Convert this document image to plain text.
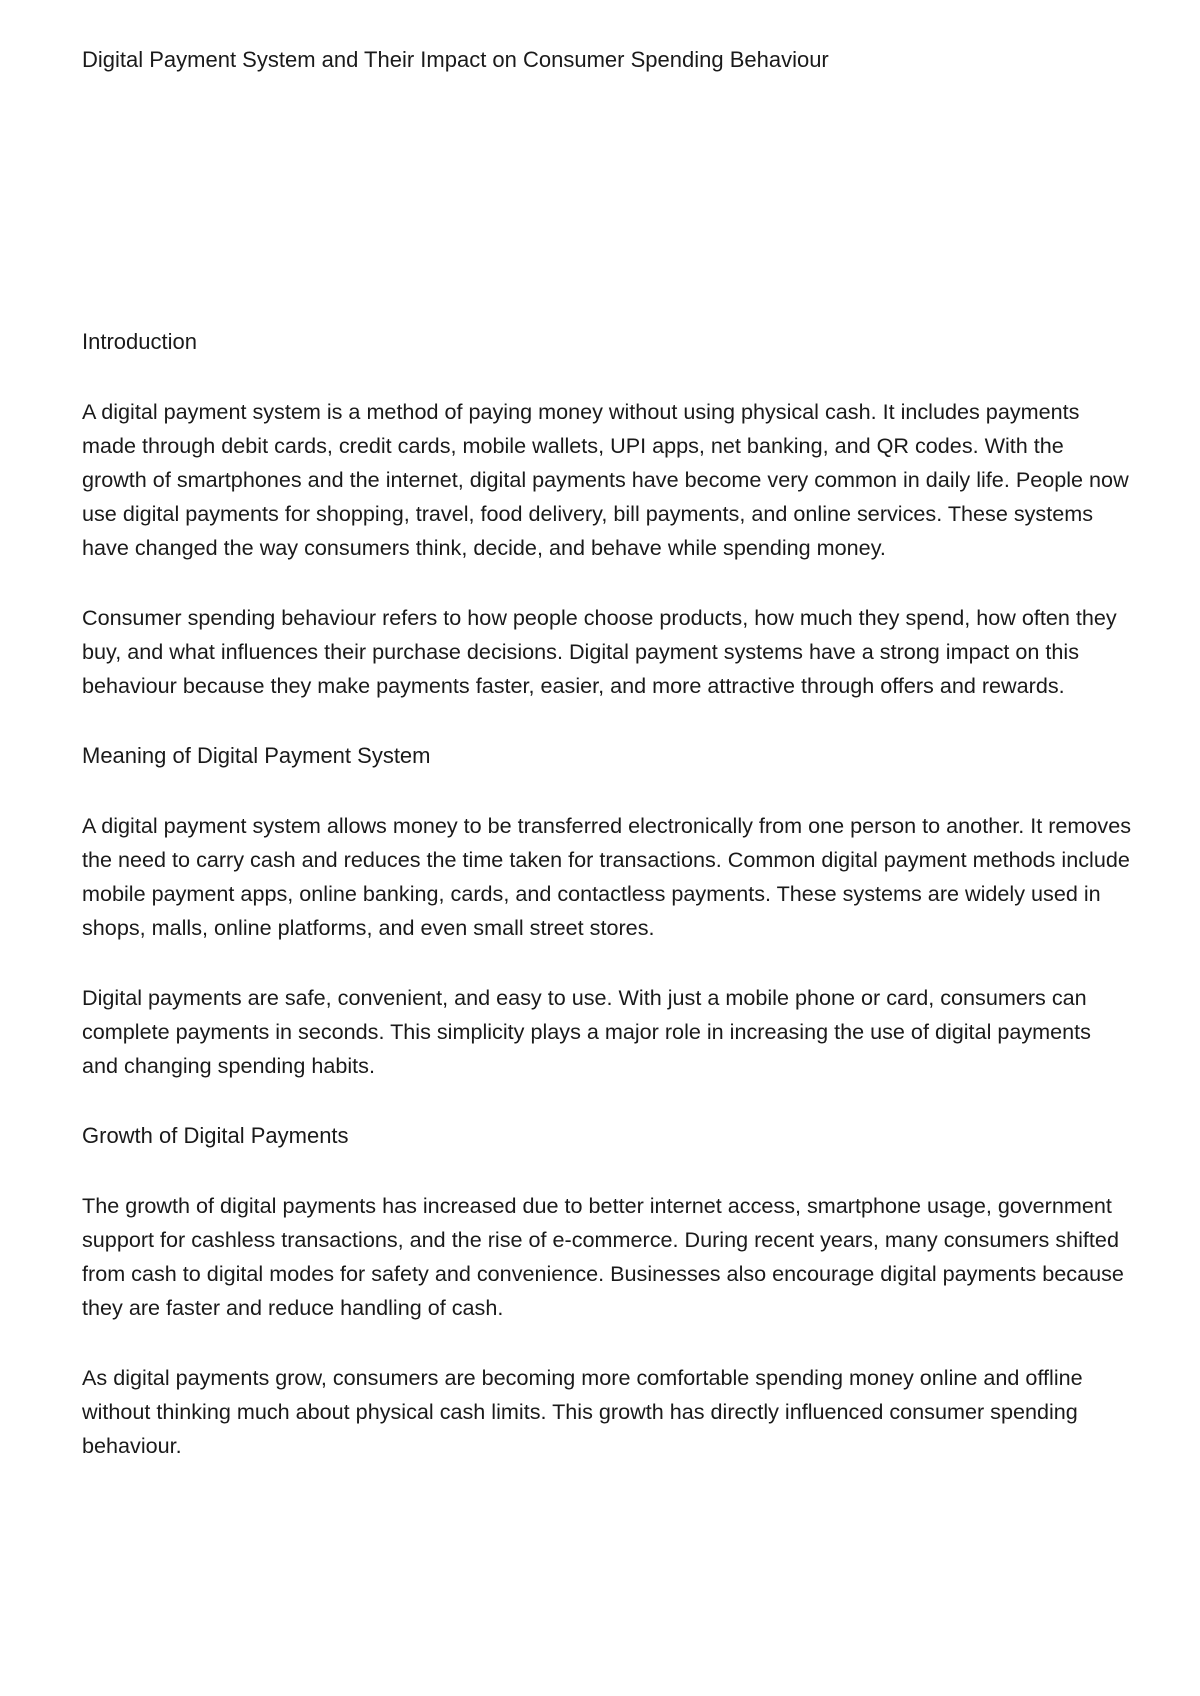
Digital Payment System and Their Impact on Consumer Spending Behaviour
Introduction

A digital payment system is a method of paying money without using physical cash. It includes payments made through debit cards, credit cards, mobile wallets, UPI apps, net banking, and QR codes. With the growth of smartphones and the internet, digital payments have become very common in daily life. People now use digital payments for shopping, travel, food delivery, bill payments, and online services. These systems have changed the way consumers think, decide, and behave while spending money.

Consumer spending behaviour refers to how people choose products, how much they spend, how often they buy, and what influences their purchase decisions. Digital payment systems have a strong impact on this behaviour because they make payments faster, easier, and more attractive through offers and rewards.

Meaning of Digital Payment System

A digital payment system allows money to be transferred electronically from one person to another. It removes the need to carry cash and reduces the time taken for transactions. Common digital payment methods include mobile payment apps, online banking, cards, and contactless payments. These systems are widely used in shops, malls, online platforms, and even small street stores.

Digital payments are safe, convenient, and easy to use. With just a mobile phone or card, consumers can complete payments in seconds. This simplicity plays a major role in increasing the use of digital payments and changing spending habits.

Growth of Digital Payments

The growth of digital payments has increased due to better internet access, smartphone usage, government support for cashless transactions, and the rise of e-commerce. During recent years, many consumers shifted from cash to digital modes for safety and convenience. Businesses also encourage digital payments because they are faster and reduce handling of cash.

As digital payments grow, consumers are becoming more comfortable spending money online and offline without thinking much about physical cash limits. This growth has directly influenced consumer spending behaviour.
